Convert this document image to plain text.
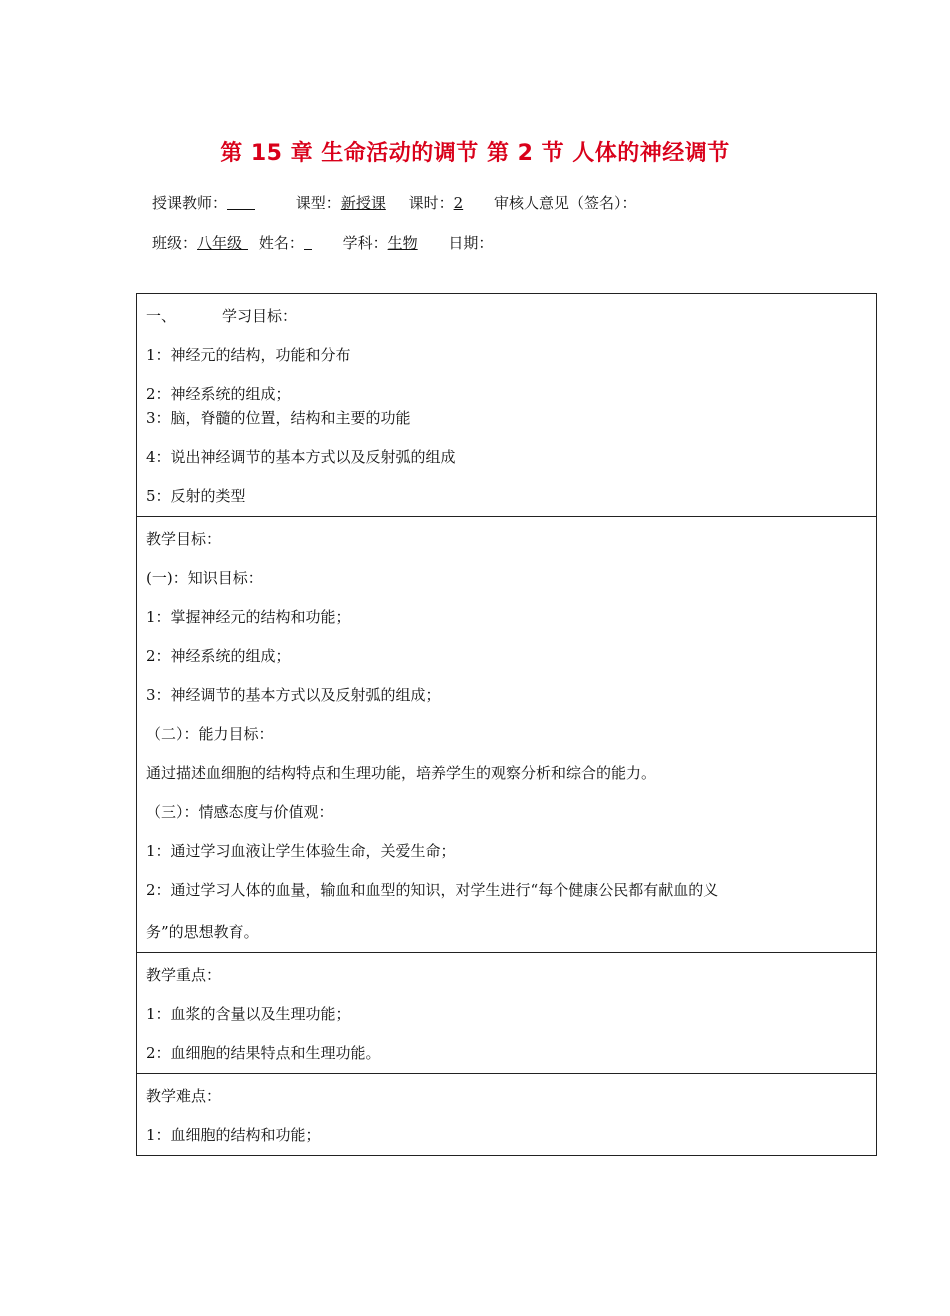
第 15 章 生命活动的调节 第 2 节 人体的神经调节
授课教师：	课型：新授课 课时：2 审核人意见（签名）：
班级：八年级 姓名：	学科：生物 日期：
一、	学习目标：
1：神经元的结构，功能和分布
2：神经系统的组成；
3：脑，脊髓的位置，结构和主要的功能
4：说出神经调节的基本方式以及反射弧的组成
5：反射的类型

教学目标：
(一)：知识目标：
1：掌握神经元的结构和功能；
2：神经系统的组成；
3：神经调节的基本方式以及反射弧的组成；
（二）：能力目标：
通过描述血细胞的结构特点和生理功能，培养学生的观察分析和综合的能力。
（三）：情感态度与价值观：
1：通过学习血液让学生体验生命，关爱生命；
2：通过学习人体的血量，输血和血型的知识，对学生进行“每个健康公民都有献血的义
务”的思想教育。

教学重点：
1：血浆的含量以及生理功能；
2：血细胞的结果特点和生理功能。

教学难点：
1：血细胞的结构和功能；
